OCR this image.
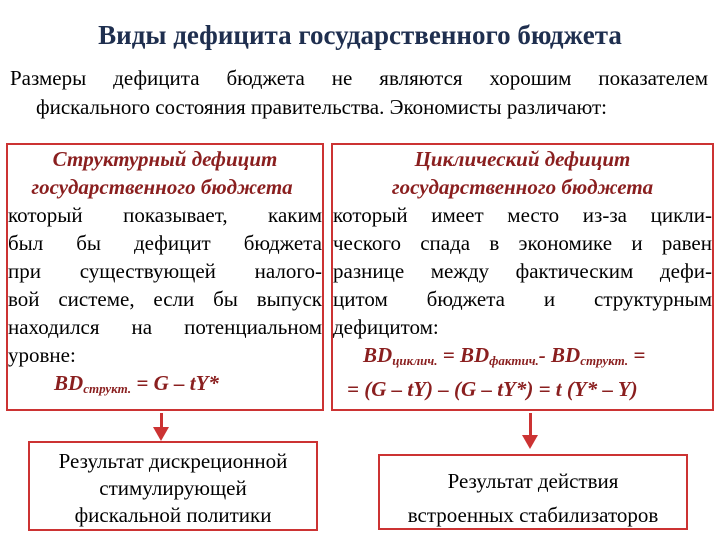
Виды дефицита государственного бюджета
Размеры дефицита бюджета не являются хорошим показателем
фискального состояния правительства. Экономисты различают:
Структурный дефицит
государственного бюджета
который показывает, каким
был бы дефицит бюджета
при существующей налого-
вой системе, если бы выпуск
находился на потенциальном
уровне:
$BD_{структ.} = G - tY*$
Циклический дефицит
государственного бюджета
который имеет место из-за цикли-
ческого спада в экономике и равен
разнице между фактическим дефи-
цитом бюджета и структурным
дефицитом:
$BD_{циклич.} = BD_{фактич.}-$ $BD_{структ.}$ =
= (G – tY) – (G – tY*) = t (Y* – Y)
Результат дискреционной
стимулирующей
фискальной политики
Результат действия
встроенных стабилизаторов
